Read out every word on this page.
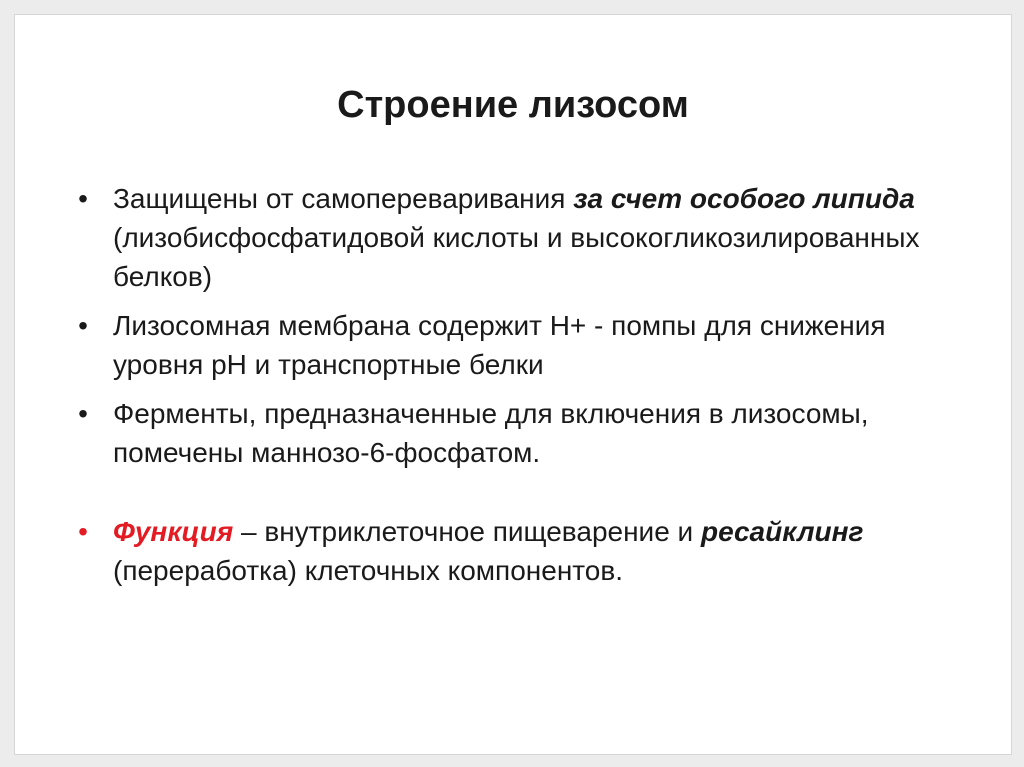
Строение лизосом
• Защищены от самопереваривания за счет особого липида (лизобисфосфатидовой кислоты и высокогликозилированных белков)
• Лизосомная мембрана содержит Н+ - помпы для снижения уровня рН и транспортные белки
• Ферменты, предназначенные для включения в лизосомы, помечены маннозо-6-фосфатом.
• Функция – внутриклеточное пищеварение и ресайклинг (переработка) клеточных компонентов.
